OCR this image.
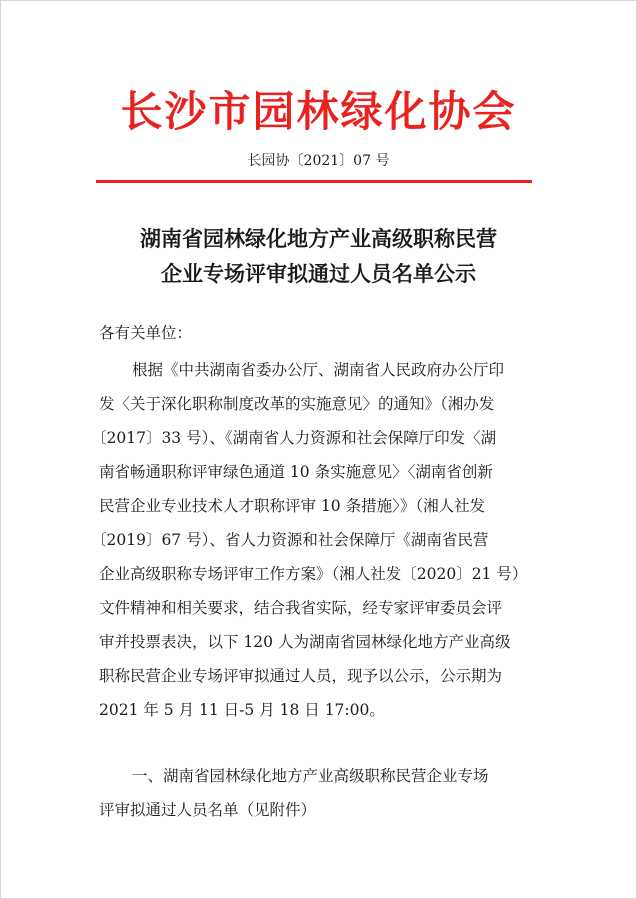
长沙市园林绿化协会
长园协〔2021〕07 号
湖南省园林绿化地方产业高级职称民营
企业专场评审拟通过人员名单公示
各有关单位：
根据《中共湖南省委办公厅、湖南省人民政府办公厅印
发〈关于深化职称制度改革的实施意见〉的通知》（湘办发
〔2017〕33 号）、《湖南省人力资源和社会保障厅印发〈湖
南省畅通职称评审绿色通道 10 条实施意见〉〈湖南省创新
民营企业专业技术人才职称评审 10 条措施〉》（湘人社发
〔2019〕67 号）、省人力资源和社会保障厅《湖南省民营
企业高级职称专场评审工作方案》（湘人社发〔2020〕21 号）
文件精神和相关要求，结合我省实际，经专家评审委员会评
审并投票表决，以下 120 人为湖南省园林绿化地方产业高级
职称民营企业专场评审拟通过人员，现予以公示，公示期为
2021 年 5 月 11 日-5 月 18 日 17:00。
一、湖南省园林绿化地方产业高级职称民营企业专场
评审拟通过人员名单（见附件）
